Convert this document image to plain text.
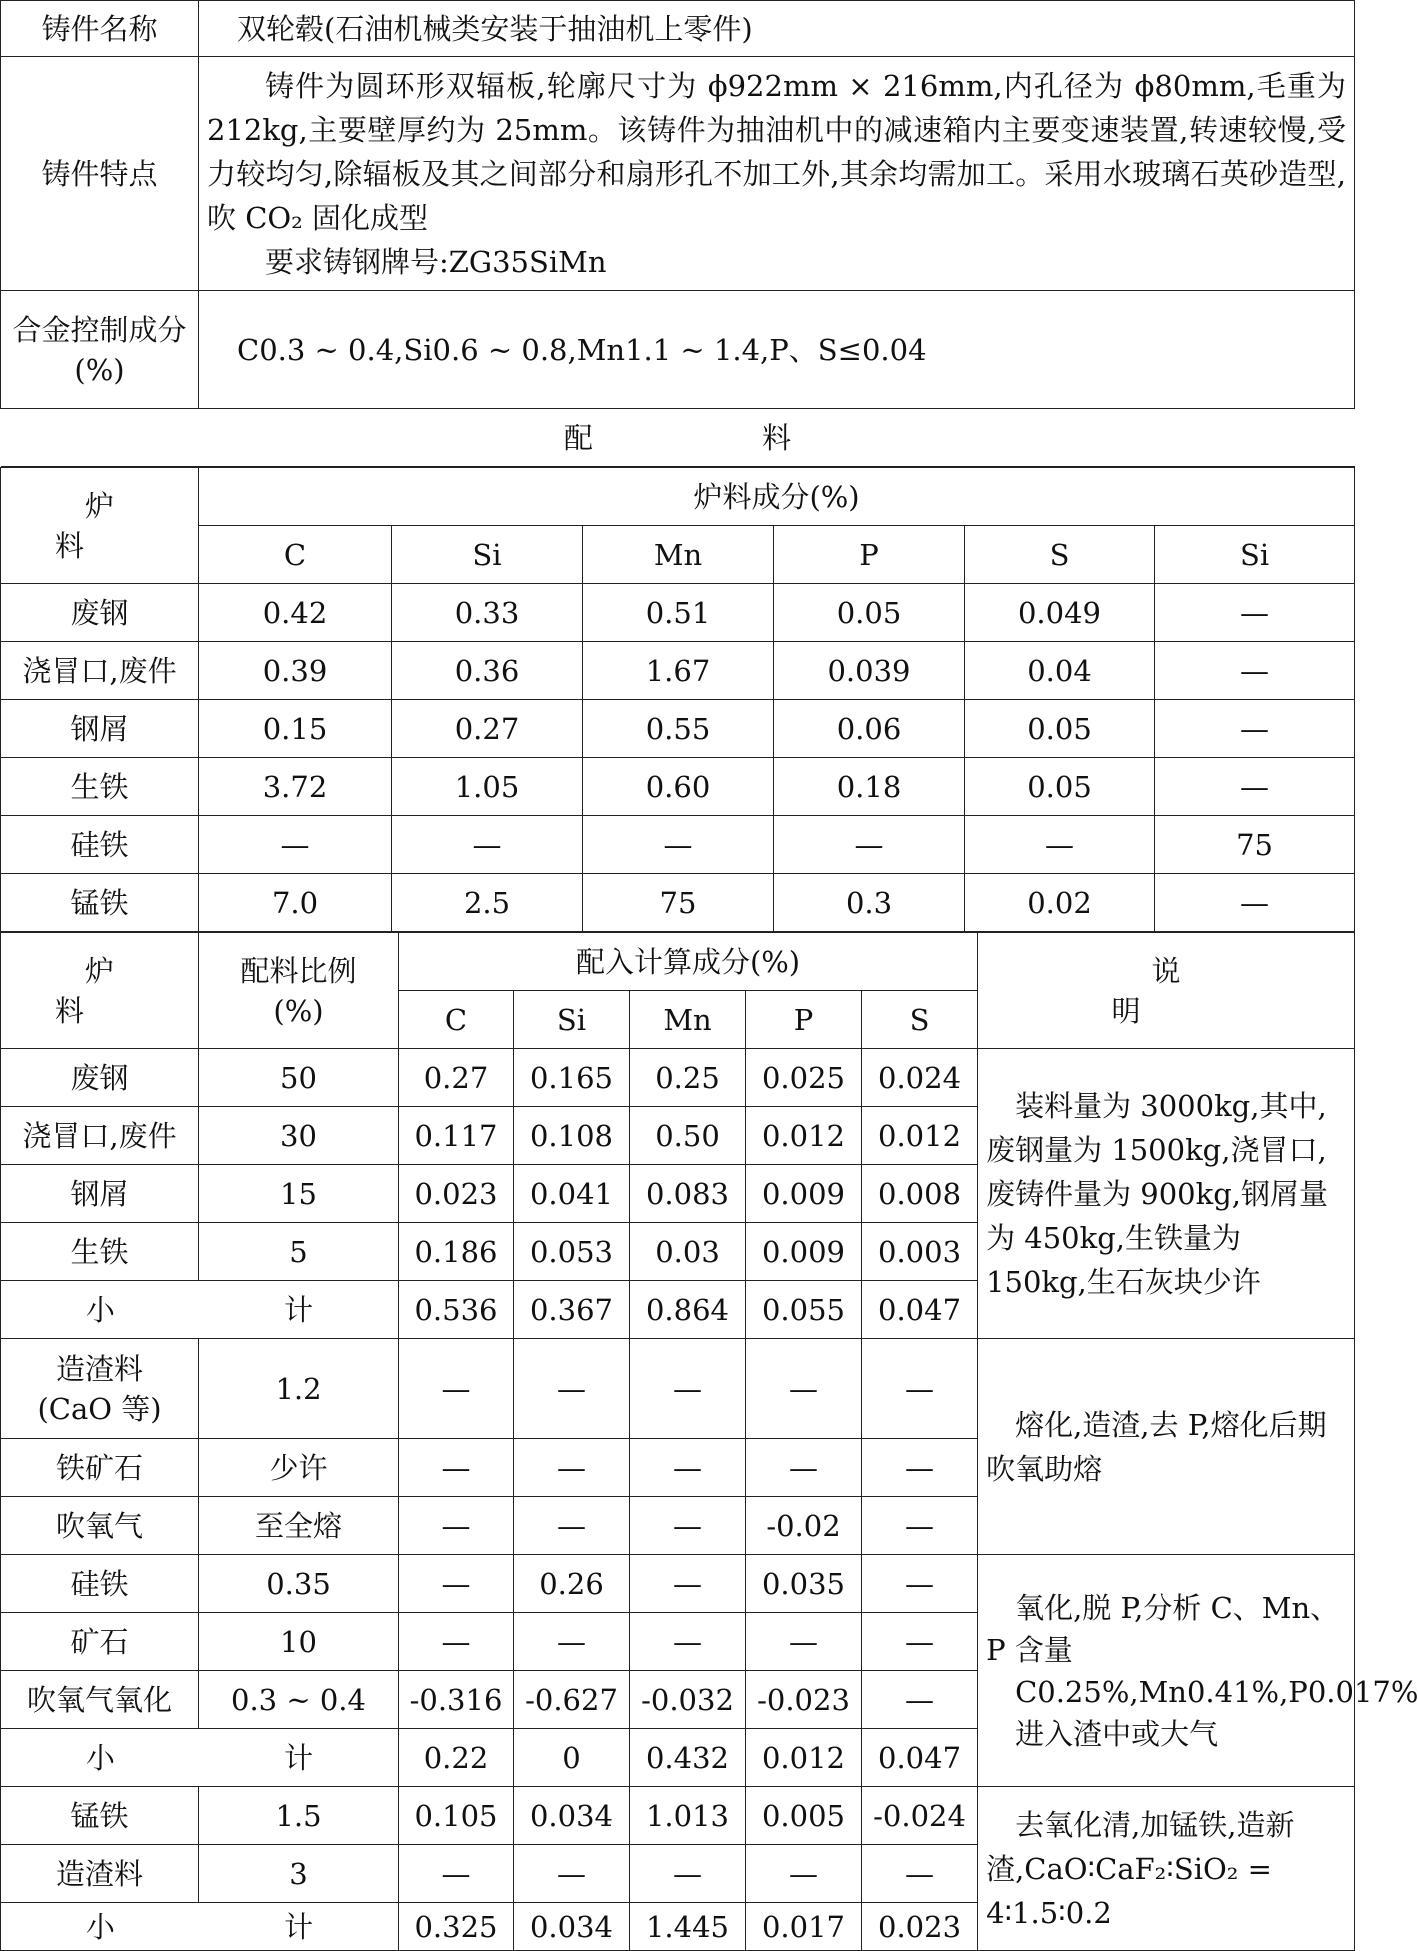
铸件名称	双轮毂(石油机械类安装于抽油机上零件)
铸件特点	铸件为圆环形双辐板,轮廓尺寸为 ϕ922mm × 216mm,内孔径为 ϕ80mm,毛重为 212kg,主要壁厚约为 25mm。该铸件为抽油机中的减速箱内主要变速装置,转速较慢,受力较均匀,除辐板及其之间部分和扇形孔不加工外,其余均需加工。采用水玻璃石英砂造型,吹 CO₂ 固化成型

要求铸钢牌号:ZG35SiMn

合金控制成分(%)	C0.3 ~ 0.4,Si0.6 ~ 0.8,Mn1.1 ~ 1.4,P、S≤0.04
配 料	
炉 料	炉料成分(%)					
	C	Si	Mn	P	S	Si
废钢	0.42	0.33	0.51	0.05	0.049	—
浇冒口,废件	0.39	0.36	1.67	0.039	0.04	—
钢屑	0.15	0.27	0.55	0.06	0.05	—
生铁	3.72	1.05	0.60	0.18	0.05	—
硅铁	—	—	—	—	—	75
锰铁	7.0	2.5	75	0.3	0.02	—
炉 料	配料比例(%)	配入计算成分(%)					说 明
		C	Si	Mn	P	S	
废钢	50	0.27	0.165	0.25	0.025	0.024	装料量为 3000kg,其中,废钢量为 1500kg,浇冒口,废铸件量为 900kg,钢屑量为 450kg,生铁量为 150kg,生石灰块少许

浇冒口,废件	30	0.117	0.108	0.50	0.012	0.012	
钢屑	15	0.023	0.041	0.083	0.009	0.008	
生铁	5	0.186	0.053	0.03	0.009	0.003	
小 计		0.536	0.367	0.864	0.055	0.047	
造渣料(CaO 等)	1.2	—	—	—	—	—	熔化,造渣,去 P,熔化后期吹氧助熔

铁矿石	少许	—	—	—	—	—	
吹氧气	至全熔	—	—	—	-0.02	—	
硅铁	0.35	—	0.26	—	0.035	—	氧化,脱 P,分析 C、Mn、P 含量

C0.25%,Mn0.41%,P0.017%

进入渣中或大气

矿石	10	—	—	—	—	—	
吹氧气氧化	0.3 ~ 0.4	-0.316	-0.627	-0.032	-0.023	—	
小 计		0.22	0	0.432	0.012	0.047	
锰铁	1.5	0.105	0.034	1.013	0.005	-0.024	去氧化清,加锰铁,造新渣,CaO∶CaF₂∶SiO₂ = 4∶1.5∶0.2

造渣料	3	—	—	—	—	—	
小 计		0.325	0.034	1.445	0.017	0.023	
